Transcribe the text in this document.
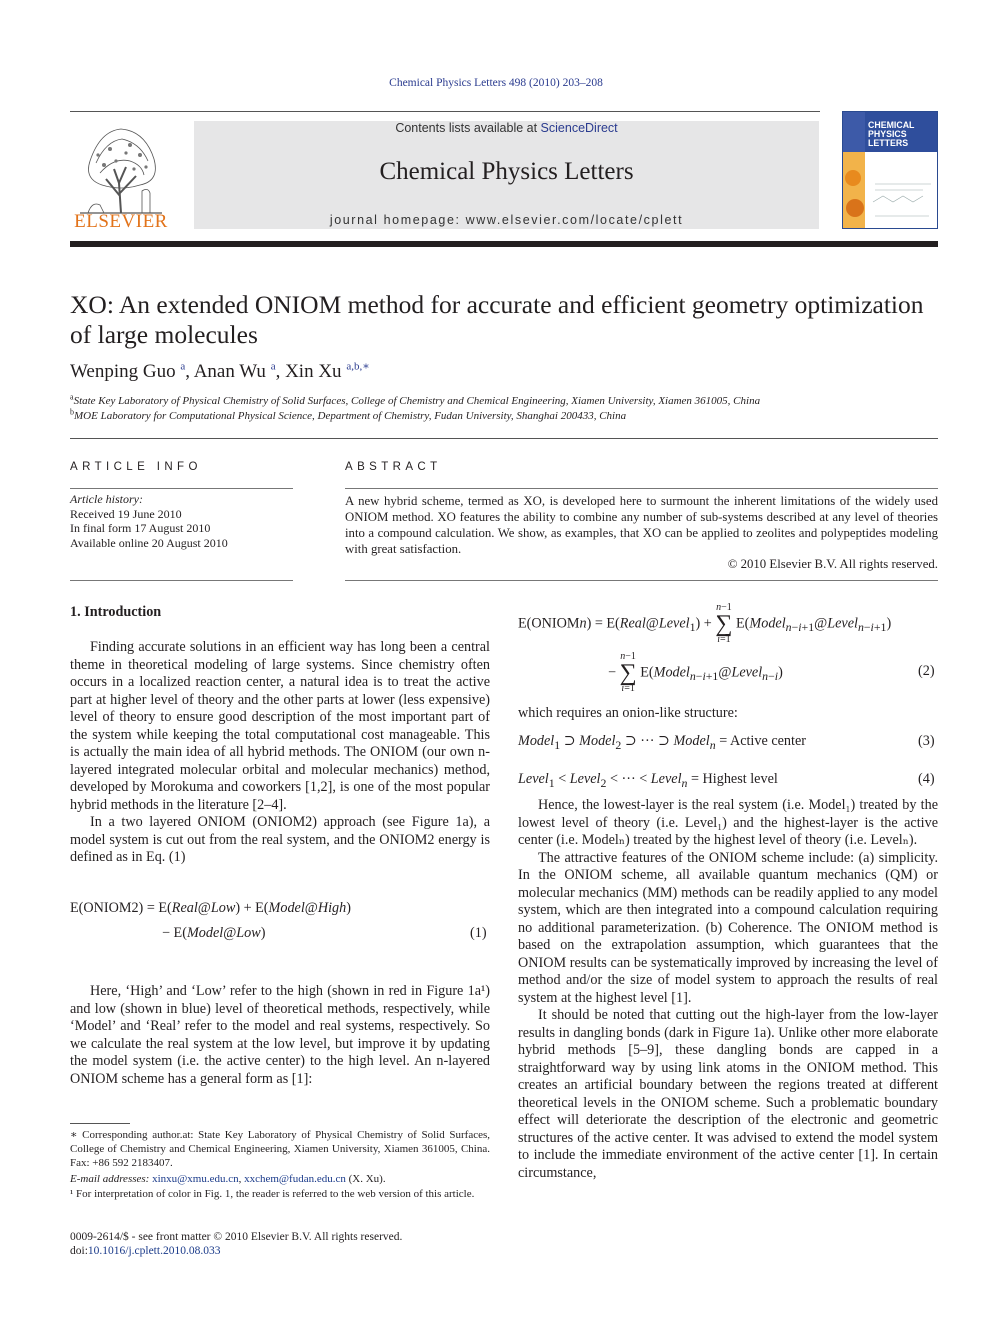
Chemical Physics Letters 498 (2010) 203–208
ELSEVIER
Contents lists available at ScienceDirect
Chemical Physics Letters
journal homepage: www.elsevier.com/locate/cplett
CHEMICAL
PHYSICS
LETTERS
XO: An extended ONIOM method for accurate and efficient geometry optimization of large molecules
Wenping Guo $^a$, Anan Wu $^a$, Xin Xu $^{a,b,∗}$
$^a$State Key Laboratory of Physical Chemistry of Solid Surfaces, College of Chemistry and Chemical Engineering, Xiamen University, Xiamen 361005, China
$^b$MOE Laboratory for Computational Physical Science, Department of Chemistry, Fudan University, Shanghai 200433, China
ARTICLE INFO
Article history:
Received 19 June 2010
In final form 17 August 2010
Available online 20 August 2010
ABSTRACT
A new hybrid scheme, termed as XO, is developed here to surmount the inherent limitations of the widely used ONIOM method. XO features the ability to combine any number of sub-systems described at any level of theories into a compound calculation. We show, as examples, that XO can be applied to zeolites and polypeptides modeling with great satisfaction.
© 2010 Elsevier B.V. All rights reserved.
1. Introduction

Finding accurate solutions in an efficient way has long been a central theme in theoretical modeling of large systems. Since chemistry often occurs in a localized reaction center, a natural idea is to treat the active part at higher level of theory and the other parts at lower (less expensive) level of theory to ensure good description of the most important part of the system while keeping the total computational cost manageable. This is actually the main idea of all hybrid methods. The ONIOM (our own n-layered integrated molecular orbital and molecular mechanics) method, developed by Morokuma and coworkers [1,2], is one of the most popular hybrid methods in the literature [2–4].

In a two layered ONIOM (ONIOM2) approach (see Figure 1a), a model system is cut out from the real system, and the ONIOM2 energy is defined as in Eq. (1)

E(ONIOM2) = E(Real@Low) + E(Model@High)
− E(Model@Low)	(1)

Here, ‘High’ and ‘Low’ refer to the high (shown in red in Figure 1a¹) and low (shown in blue) level of theoretical methods, respectively, while ‘Model’ and ‘Real’ refer to the model and real systems, respectively. So we calculate the real system at the low level, but improve it by updating the model system (i.e. the active center) to the high level. An n-layered ONIOM scheme has a general form as [1]:

∗ Corresponding author.at: State Key Laboratory of Physical Chemistry of Solid Surfaces, College of Chemistry and Chemical Engineering, Xiamen University, Xiamen 361005, China. Fax: +86 592 2183407.
E-mail addresses: xinxu@xmu.edu.cn, xxchem@fudan.edu.cn (X. Xu).
¹ For interpretation of color in Fig. 1, the reader is referred to the web version of this article.
0009-2614/$ - see front matter © 2010 Elsevier B.V. All rights reserved.
doi:10.1016/j.cplett.2010.08.033
E(ONIOMn) = E(Real@Level$_1$) + n−1
∑
i=1 E(Model$_{n-i+1}$@Level$_{n-i+1}$)
− n−1
∑
i=1 E(Model$_{n-i+1}$@Level$_{n-i}$)	(2)
which requires an onion-like structure:
Model$_1$ ⊃ Model$_2$ ⊃ ··· ⊃ Model$_n$ = Active center	(3)
Level$_1$ < Level$_2$ < ··· < Level$_n$ = Highest level	(4)

Hence, the lowest-layer is the real system (i.e. Model₁) treated by the lowest level of theory (i.e. Level₁) and the highest-layer is the active center (i.e. Modelₙ) treated by the highest level of theory (i.e. Levelₙ).

The attractive features of the ONIOM scheme include: (a) simplicity. In the ONIOM scheme, all available quantum mechanics (QM) or molecular mechanics (MM) methods can be readily applied to any model system, which are then integrated into a compound calculation requiring no additional parameterization. (b) Coherence. The ONIOM method is based on the extrapolation assumption, which guarantees that the ONIOM results can be systematically improved by increasing the level of method and/or the size of model system to approach the results of real system at the highest level [1].

It should be noted that cutting out the high-layer from the low-layer results in dangling bonds (dark in Figure 1a). Unlike other more elaborate hybrid methods [5–9], these dangling bonds are capped in a straightforward way by using link atoms in the ONIOM method. This creates an artificial boundary between the regions treated at different theoretical levels in the ONIOM scheme. Such a problematic boundary effect will deteriorate the description of the electronic and geometric structures of the active center. It was advised to extend the model system to include the immediate environment of the active center [1]. In certain circumstance,
